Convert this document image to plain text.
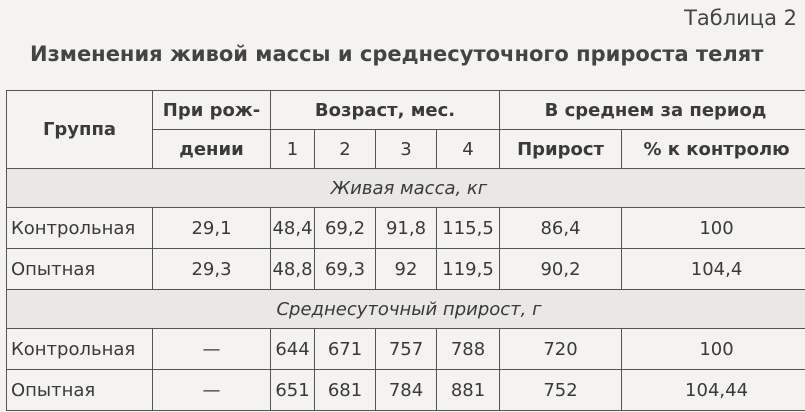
Таблица 2
Изменения живой массы и среднесуточного прироста телят
Группа	При рож-	Возраст, мес.				В среднем за период	
	дении	1	2	3	4	Прирост	% к контролю
Живая масса, кг							
Контрольная	29,1	48,4	69,2	91,8	115,5	86,4	100
Опытная	29,3	48,8	69,3	92	119,5	90,2	104,4
Среднесуточный прирост, г							
Контрольная	—	644	671	757	788	720	100
Опытная	—	651	681	784	881	752	104,44
